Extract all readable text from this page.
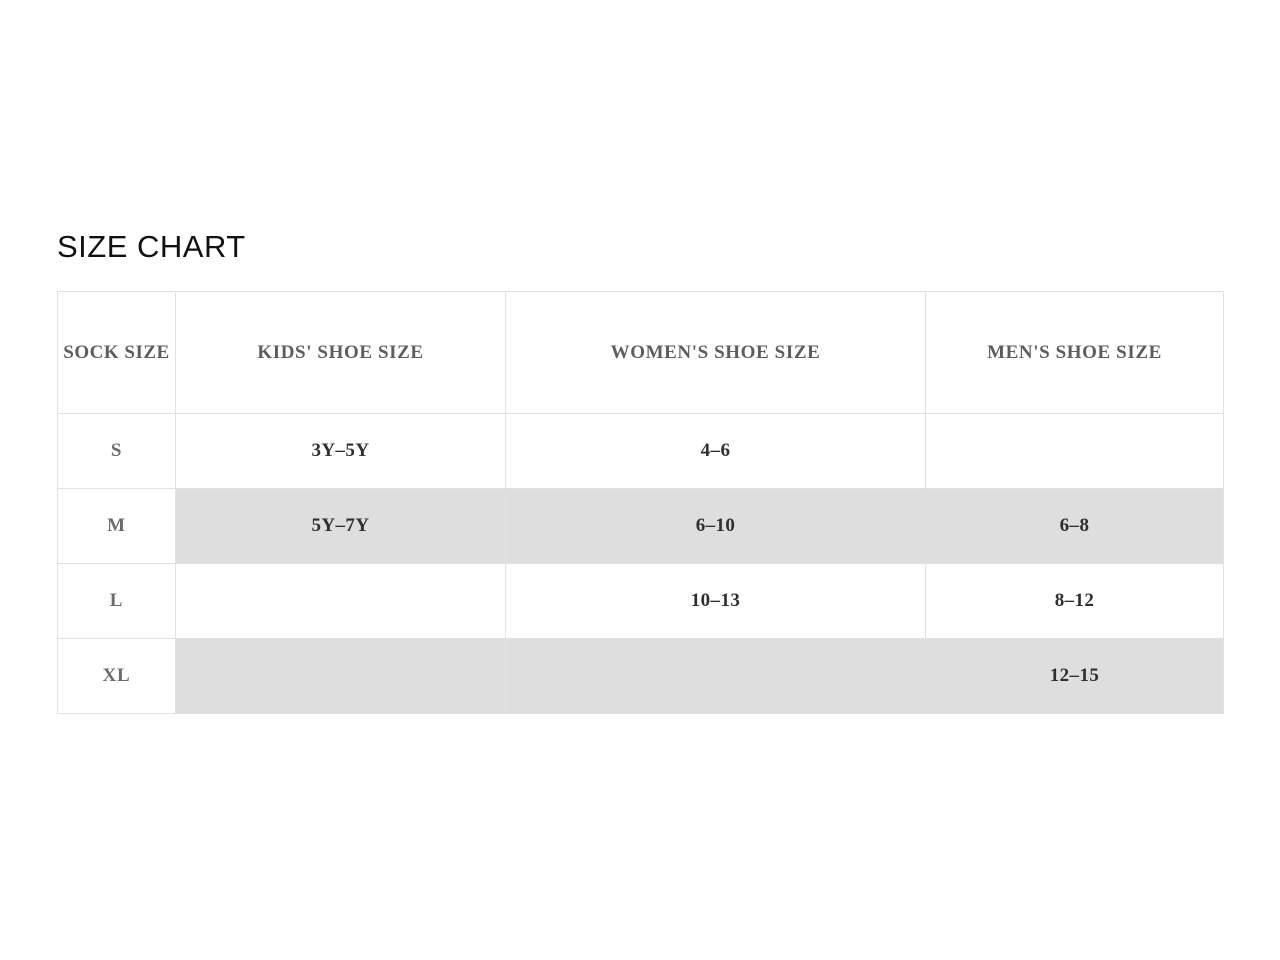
SIZE CHART
SOCK SIZE	KIDS' SHOE SIZE	WOMEN'S SHOE SIZE	MEN'S SHOE SIZE
S	3Y–5Y	4–6	
M	5Y–7Y	6–10	6–8
L		10–13	8–12
XL			12–15
